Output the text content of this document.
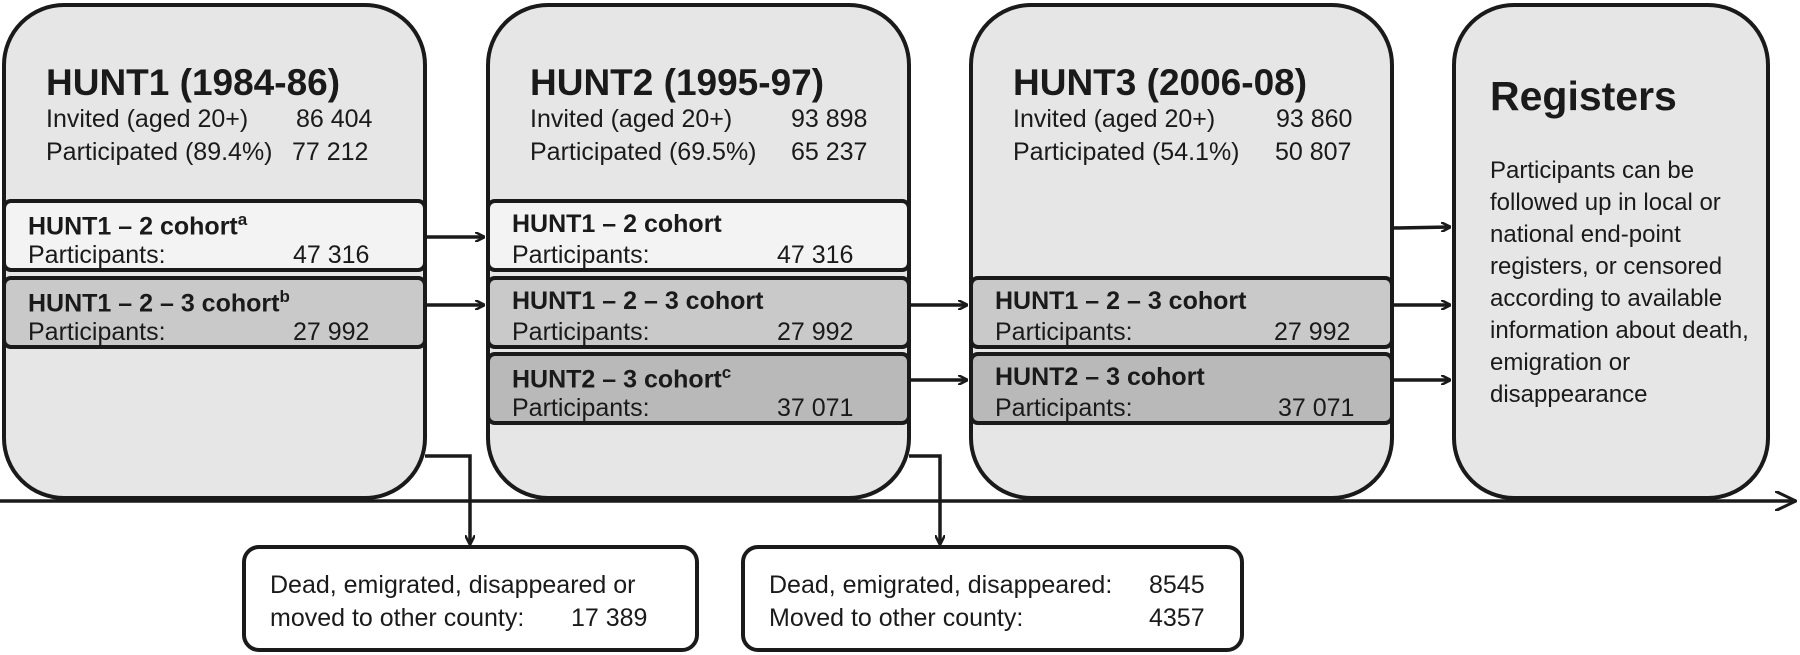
HUNT1 (1984-86)
Invited (aged 20+) 86 404
Participated (89.4%) 77 212
HUNT2 (1995-97)
Invited (aged 20+) 93 898
Participated (69.5%) 65 237
HUNT3 (2006-08)
Invited (aged 20+) 93 860
Participated (54.1%) 50 807
Registers
Participants can be followed up in local or national end-point registers, or censored according to available information about death, emigration or disappearance
HUNT1 – 2 cohort$^a$
Participants:	47 316
HUNT1 – 2 – 3 cohort$^b$
Participants:	27 992
HUNT1 – 2 cohort
Participants:	47 316
HUNT1 – 2 – 3 cohort
Participants:	27 992
HUNT2 – 3 cohort$^c$
Participants:	37 071
HUNT1 – 2 – 3 cohort
Participants:	27 992
HUNT2 – 3 cohort
Participants:	37 071
Dead, emigrated, disappeared or
moved to other county: 17 389
Dead, emigrated, disappeared: 8545
Moved to other county:	4357
